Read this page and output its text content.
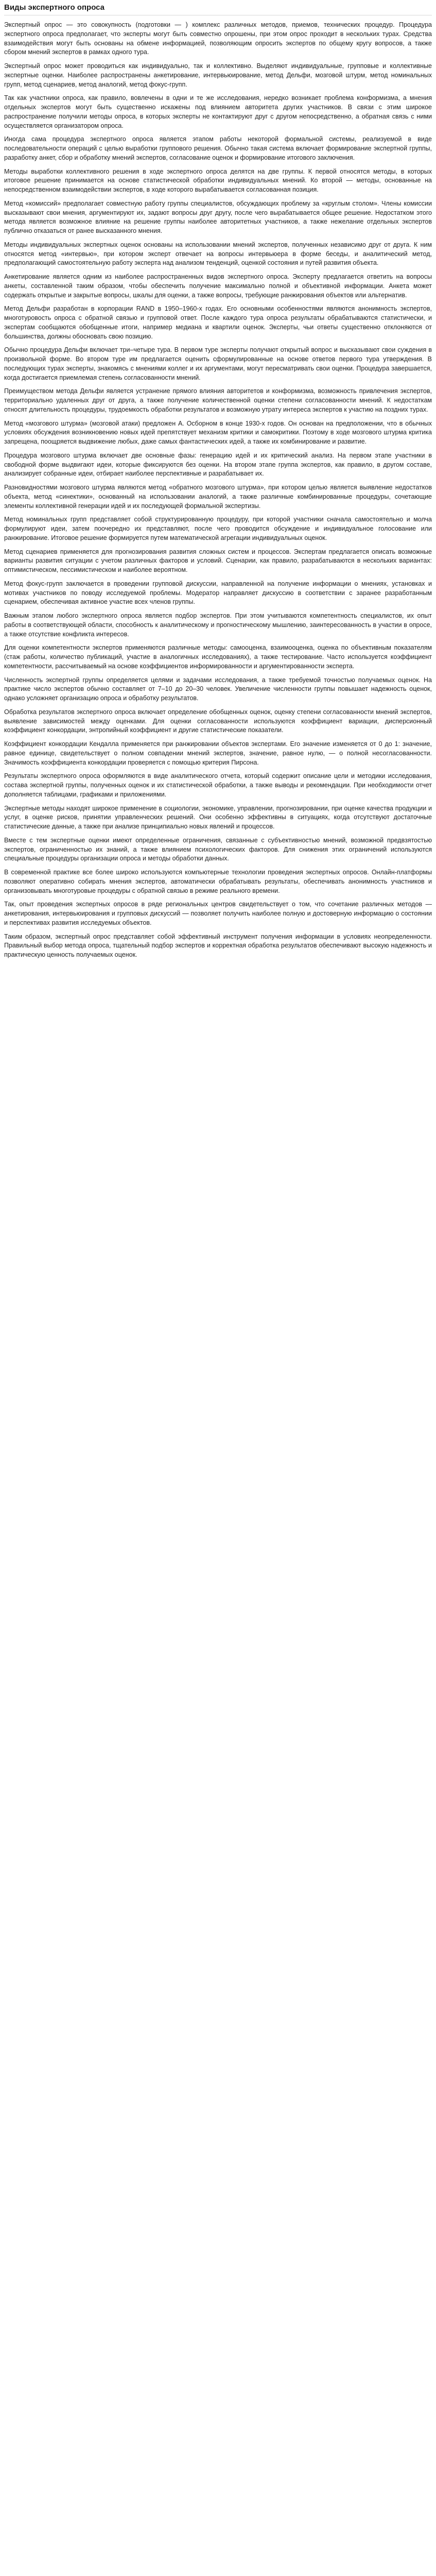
Виды экспертного опроса

Экспертный опрос — это совокупность (подготовки — ) комплекс различных методов, приемов, технических процедур. Процедура экспертного опроса предполагает, что эксперты могут быть совместно опрошены, при этом опрос проходит в нескольких турах. Средства взаимодействия могут быть основаны на обмене информацией, позволяющим опросить экспертов по общему кругу вопросов, а также сбором мнений экспертов в рамках одного тура.

Экспертный опрос может проводиться как индивидуально, так и коллективно. Выделяют индивидуальные, групповые и коллективные экспертные оценки. Наиболее распространены анкетирование, интервьюирование, метод Дельфи, мозговой штурм, метод номинальных групп, метод сценариев, метод аналогий, метод фокус-групп.

Так как участники опроса, как правило, вовлечены в одни и те же исследования, нередко возникает проблема конформизма, а мнения отдельных экспертов могут быть существенно искажены под влиянием авторитета других участников. В связи с этим широкое распространение получили методы опроса, в которых эксперты не контактируют друг с другом непосредственно, а обратная связь с ними осуществляется организатором опроса.

Иногда сама процедура экспертного опроса является этапом работы некоторой формальной системы, реализуемой в виде последовательности операций с целью выработки группового решения. Обычно такая система включает формирование экспертной группы, разработку анкет, сбор и обработку мнений экспертов, согласование оценок и формирование итогового заключения.

Методы выработки коллективного решения в ходе экспертного опроса делятся на две группы. К первой относятся методы, в которых итоговое решение принимается на основе статистической обработки индивидуальных мнений. Ко второй — методы, основанные на непосредственном взаимодействии экспертов, в ходе которого вырабатывается согласованная позиция.

Метод «комиссий» предполагает совместную работу группы специалистов, обсуждающих проблему за «круглым столом». Члены комиссии высказывают свои мнения, аргументируют их, задают вопросы друг другу, после чего вырабатывается общее решение. Недостатком этого метода является возможное влияние на решение группы наиболее авторитетных участников, а также нежелание отдельных экспертов публично отказаться от ранее высказанного мнения.

Методы индивидуальных экспертных оценок основаны на использовании мнений экспертов, полученных независимо друг от друга. К ним относятся метод «интервью», при котором эксперт отвечает на вопросы интервьюера в форме беседы, и аналитический метод, предполагающий самостоятельную работу эксперта над анализом тенденций, оценкой состояния и путей развития объекта.

Анкетирование является одним из наиболее распространенных видов экспертного опроса. Эксперту предлагается ответить на вопросы анкеты, составленной таким образом, чтобы обеспечить получение максимально полной и объективной информации. Анкета может содержать открытые и закрытые вопросы, шкалы для оценки, а также вопросы, требующие ранжирования объектов или альтернатив.

Метод Дельфи разработан в корпорации RAND в 1950–1960-х годах. Его основными особенностями являются анонимность экспертов, многотуровость опроса с обратной связью и групповой ответ. После каждого тура опроса результаты обрабатываются статистически, и экспертам сообщаются обобщенные итоги, например медиана и квартили оценок. Эксперты, чьи ответы существенно отклоняются от большинства, должны обосновать свою позицию.

Обычно процедура Дельфи включает три–четыре тура. В первом туре эксперты получают открытый вопрос и высказывают свои суждения в произвольной форме. Во втором туре им предлагается оценить сформулированные на основе ответов первого тура утверждения. В последующих турах эксперты, знакомясь с мнениями коллег и их аргументами, могут пересматривать свои оценки. Процедура завершается, когда достигается приемлемая степень согласованности мнений.

Преимуществом метода Дельфи является устранение прямого влияния авторитетов и конформизма, возможность привлечения экспертов, территориально удаленных друг от друга, а также получение количественной оценки степени согласованности мнений. К недостаткам относят длительность процедуры, трудоемкость обработки результатов и возможную утрату интереса экспертов к участию на поздних турах.

Метод «мозгового штурма» (мозговой атаки) предложен А. Осборном в конце 1930-х годов. Он основан на предположении, что в обычных условиях обсуждения возникновению новых идей препятствует механизм критики и самокритики. Поэтому в ходе мозгового штурма критика запрещена, поощряется выдвижение любых, даже самых фантастических идей, а также их комбинирование и развитие.

Процедура мозгового штурма включает две основные фазы: генерацию идей и их критический анализ. На первом этапе участники в свободной форме выдвигают идеи, которые фиксируются без оценки. На втором этапе группа экспертов, как правило, в другом составе, анализирует собранные идеи, отбирает наиболее перспективные и разрабатывает их.

Разновидностями мозгового штурма являются метод «обратного мозгового штурма», при котором целью является выявление недостатков объекта, метод «синектики», основанный на использовании аналогий, а также различные комбинированные процедуры, сочетающие элементы коллективной генерации идей и их последующей формальной экспертизы.

Метод номинальных групп представляет собой структурированную процедуру, при которой участники сначала самостоятельно и молча формулируют идеи, затем поочередно их представляют, после чего проводится обсуждение и индивидуальное голосование или ранжирование. Итоговое решение формируется путем математической агрегации индивидуальных оценок.

Метод сценариев применяется для прогнозирования развития сложных систем и процессов. Экспертам предлагается описать возможные варианты развития ситуации с учетом различных факторов и условий. Сценарии, как правило, разрабатываются в нескольких вариантах: оптимистическом, пессимистическом и наиболее вероятном.

Метод фокус-групп заключается в проведении групповой дискуссии, направленной на получение информации о мнениях, установках и мотивах участников по поводу исследуемой проблемы. Модератор направляет дискуссию в соответствии с заранее разработанным сценарием, обеспечивая активное участие всех членов группы.

Важным этапом любого экспертного опроса является подбор экспертов. При этом учитываются компетентность специалистов, их опыт работы в соответствующей области, способность к аналитическому и прогностическому мышлению, заинтересованность в участии в опросе, а также отсутствие конфликта интересов.

Для оценки компетентности экспертов применяются различные методы: самооценка, взаимооценка, оценка по объективным показателям (стаж работы, количество публикаций, участие в аналогичных исследованиях), а также тестирование. Часто используется коэффициент компетентности, рассчитываемый на основе коэффициентов информированности и аргументированности эксперта.

Численность экспертной группы определяется целями и задачами исследования, а также требуемой точностью получаемых оценок. На практике число экспертов обычно составляет от 7–10 до 20–30 человек. Увеличение численности группы повышает надежность оценок, однако усложняет организацию опроса и обработку результатов.

Обработка результатов экспертного опроса включает определение обобщенных оценок, оценку степени согласованности мнений экспертов, выявление зависимостей между оценками. Для оценки согласованности используются коэффициент вариации, дисперсионный коэффициент конкордации, энтропийный коэффициент и другие статистические показатели.

Коэффициент конкордации Кендалла применяется при ранжировании объектов экспертами. Его значение изменяется от 0 до 1: значение, равное единице, свидетельствует о полном совпадении мнений экспертов, значение, равное нулю, — о полной несогласованности. Значимость коэффициента конкордации проверяется с помощью критерия Пирсона.

Результаты экспертного опроса оформляются в виде аналитического отчета, который содержит описание цели и методики исследования, состава экспертной группы, полученных оценок и их статистической обработки, а также выводы и рекомендации. При необходимости отчет дополняется таблицами, графиками и приложениями.

Экспертные методы находят широкое применение в социологии, экономике, управлении, прогнозировании, при оценке качества продукции и услуг, в оценке рисков, принятии управленческих решений. Они особенно эффективны в ситуациях, когда отсутствуют достаточные статистические данные, а также при анализе принципиально новых явлений и процессов.

Вместе с тем экспертные оценки имеют определенные ограничения, связанные с субъективностью мнений, возможной предвзятостью экспертов, ограниченностью их знаний, а также влиянием психологических факторов. Для снижения этих ограничений используются специальные процедуры организации опроса и методы обработки данных.

В современной практике все более широко используются компьютерные технологии проведения экспертных опросов. Онлайн-платформы позволяют оперативно собирать мнения экспертов, автоматически обрабатывать результаты, обеспечивать анонимность участников и организовывать многотуровые процедуры с обратной связью в режиме реального времени.

Так, опыт проведения экспертных опросов в ряде региональных центров свидетельствует о том, что сочетание различных методов — анкетирования, интервьюирования и групповых дискуссий — позволяет получить наиболее полную и достоверную информацию о состоянии и перспективах развития исследуемых объектов.

Таким образом, экспертный опрос представляет собой эффективный инструмент получения информации в условиях неопределенности. Правильный выбор метода опроса, тщательный подбор экспертов и корректная обработка результатов обеспечивают высокую надежность и практическую ценность получаемых оценок.
